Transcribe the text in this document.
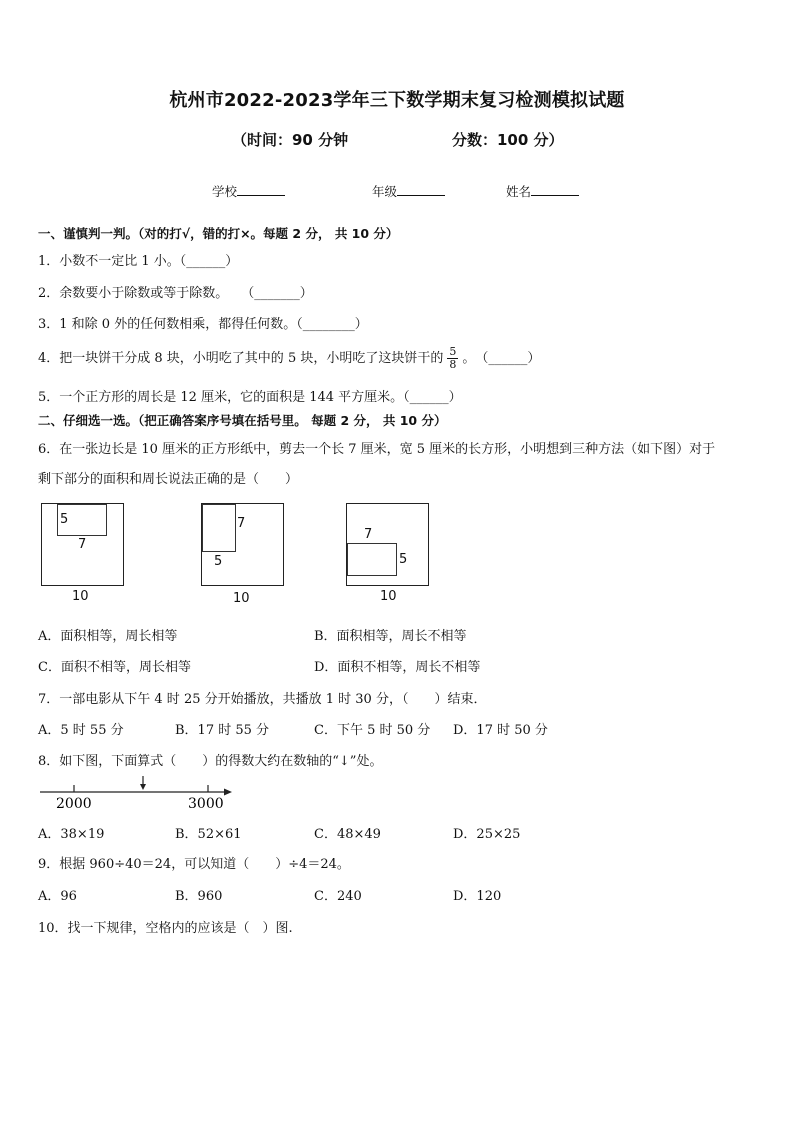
杭州市2022-2023学年三下数学期末复习检测模拟试题
（时间：90 分钟	分数：100 分）
学校	年级	姓名
一、谨慎判一判。（对的打√，错的打×。每题 2 分， 共 10 分）
1．小数不一定比 1 小。（______）
2．余数要小于除数或等于除数。　　（_______）
3．1 和除 0 外的任何数相乘，都得任何数。（________）
4．把一块饼干分成 8 块，小明吃了其中的 5 块，小明吃了这块饼干的 $\frac{5}{8}$ 。　（______）
5．一个正方形的周长是 12 厘米，它的面积是 144 平方厘米。（______）
二、仔细选一选。（把正确答案序号填在括号里。 每题 2 分， 共 10 分）
6．在一张边长是 10 厘米的正方形纸中，剪去一个长 7 厘米，宽 5 厘米的长方形，小明想到三种方法（如下图）对于
剩下部分的面积和周长说法正确的是（　　）
5
7
10
7
5
10
7
5
10
A．面积相等，周长相等	B．面积相等，周长不相等
C．面积不相等，周长相等	D．面积不相等，周长不相等
7．一部电影从下午 4 时 25 分开始播放，共播放 1 时 30 分，（　　）结束．
A．5 时 55 分	B．17 时 55 分	C．下午 5 时 50 分 D．17 时 50 分
8．如下图，下面算式（　　）的得数大约在数轴的“↓”处。
2000	3000
A．38×19	B．52×61	C．48×49	D．25×25
9．根据 960÷40＝24，可以知道（　　）÷4＝24。
A．96	B．960	C．240	D．120
10．找一下规律，空格内的应该是（　）图.
